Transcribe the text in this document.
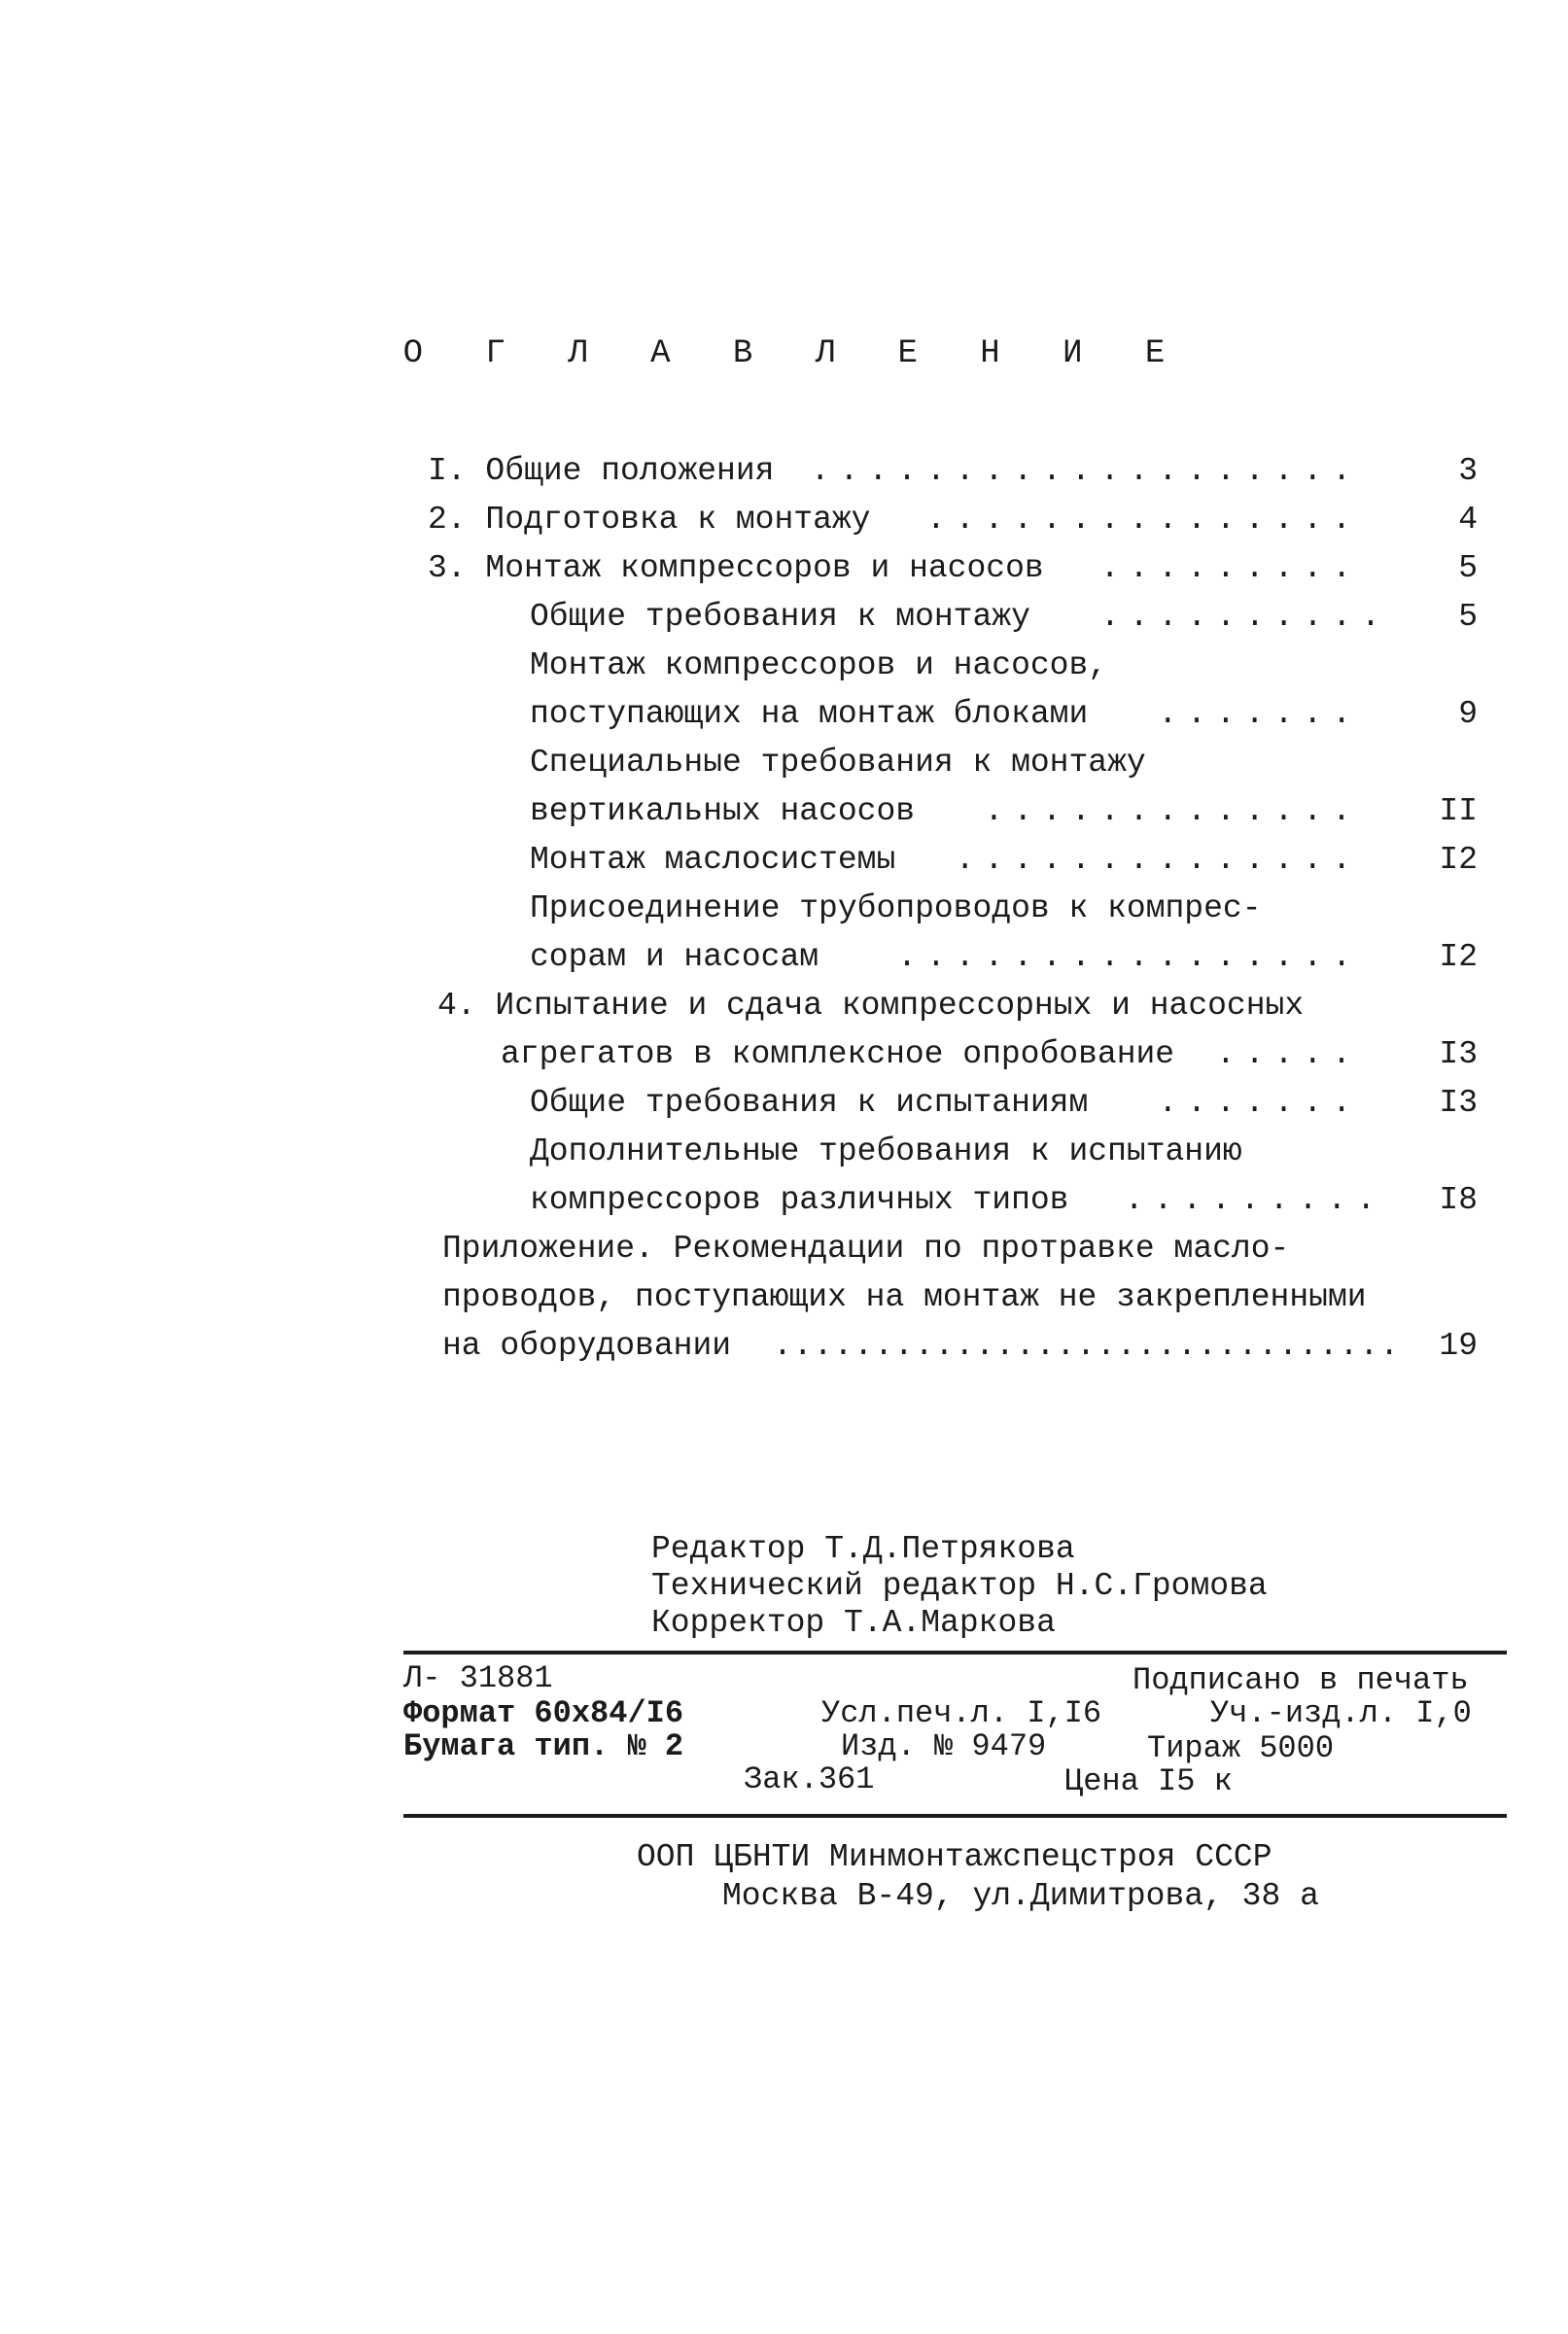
О Г Л А В Л Е Н И Е
I. Общие положения	...................	3
2. Подготовка к монтажу	...............	4
3. Монтаж компрессоров и насосов	.........	5
Общие требования к монтажу	..........	5
Монтаж компрессоров и насосов,
поступающих на монтаж блоками	.......	9
Специальные требования к монтажу
вертикальных насосов	.............	II
Монтаж маслосистемы	..............	I2
Присоединение трубопроводов к компрес-
сорам и насосам ................	I2
4. Испытание и сдача компрессорных и насосных
агрегатов в комплексное опробование .....	I3
Общие требования к испытаниям	.......	I3
Дополнительные требования к испытанию
компрессоров различных типов	.........	I8
Приложение. Рекомендации по протравке масло-
проводов, поступающих на монтаж не закрепленными
на оборудовании	...............................	19
Редактор Т.Д.Петрякова
Технический редактор Н.С.Громова
Корректор Т.А.Маркова
Л- 31881	Подписано в печать
Формат 60x84/I6	Усл.печ.л. I,I6	Уч.-изд.л. I,0
Бумага тип. № 2	Изд. № 9479	Тираж 5000
Зак.361	Цена I5 к
ООП ЦБНТИ Минмонтажспецстроя СССР
Москва В-49, ул.Димитрова, 38 а
